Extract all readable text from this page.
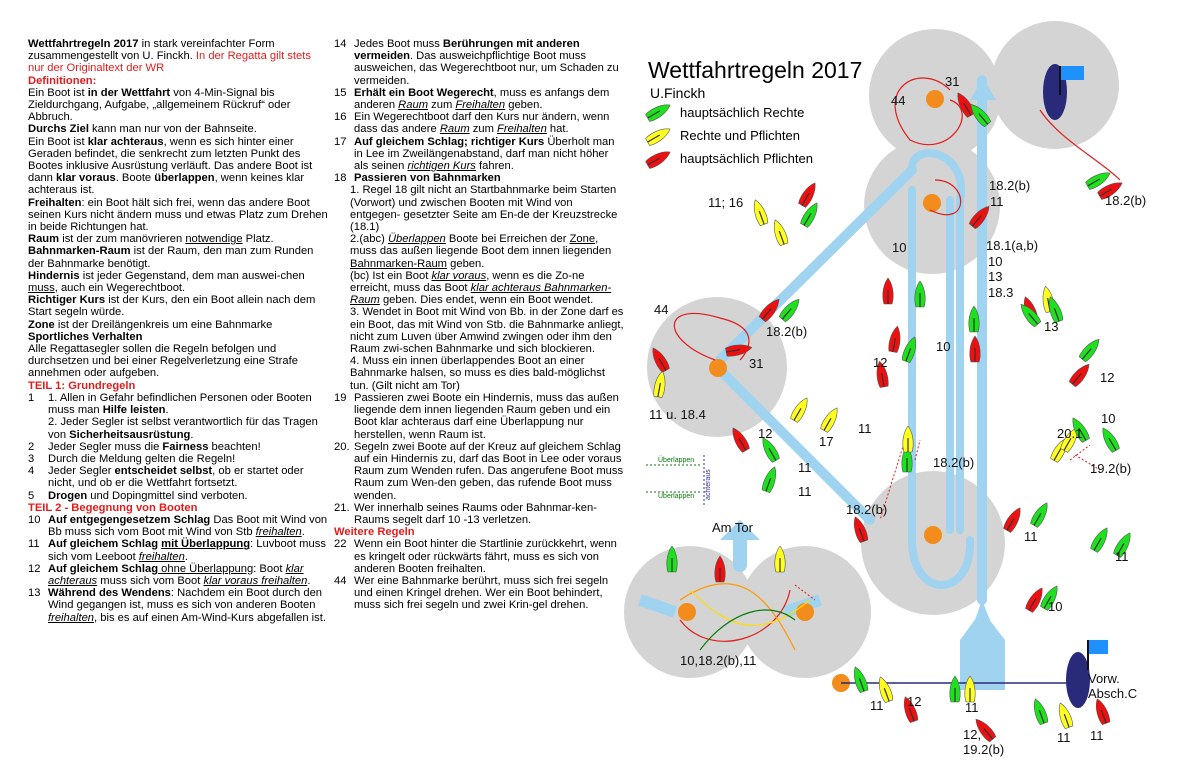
Wettfahrtregeln 2017 in stark vereinfachter Form zusammengestellt von U. Finckh. In der Regatta gilt stets nur der Originaltext der WR

Definitionen:

Ein Boot ist in der Wettfahrt von 4-Min-Signal bis Zieldurchgang, Aufgabe, „allgemeinem Rückruf“ oder Abbruch.

Durchs Ziel kann man nur von der Bahnseite.

Ein Boot ist klar achteraus, wenn es sich hinter einer Geraden befindet, die senkrecht zum letzten Punkt des Bootes inklusive Ausrüstung verläuft. Das andere Boot ist dann klar voraus. Boote überlappen, wenn keines klar achteraus ist.

Freihalten: ein Boot hält sich frei, wenn das andere Boot seinen Kurs nicht ändern muss und etwas Platz zum Drehen in beide Richtungen hat.

Raum ist der zum manövrieren notwendige Platz.

Bahnmarken-Raum ist der Raum, den man zum Runden der Bahnmarke benötigt.

Hindernis ist jeder Gegenstand, dem man auswei-chen muss, auch ein Wegerechtboot.

Richtiger Kurs ist der Kurs, den ein Boot allein nach dem Start segeln würde.

Zone ist der Dreilängenkreis um eine Bahnmarke

Sportliches Verhalten

Alle Regattasegler sollen die Regeln befolgen und durchsetzen und bei einer Regelverletzung eine Strafe annehmen oder aufgeben.

TEIL 1: Grundregeln

1	1. Allen in Gefahr befindlichen Personen oder Booten muss man Hilfe leisten.
2. Jeder Segler ist selbst verantwortlich für das Tragen von Sicherheitsausrüstung.
2	Jeder Segler muss die Fairness beachten!
3	Durch die Meldung gelten die Regeln!
4	Jeder Segler entscheidet selbst, ob er startet oder nicht, und ob er die Wettfahrt fortsetzt.
5	Drogen und Dopingmittel sind verboten.

TEIL 2 - Begegnung von Booten

10 Auf entgegengesetzem Schlag Das Boot mit Wind von Bb muss sich vom Boot mit Wind von Stb freihalten.
11 Auf gleichem Schlag mit Überlappung: Luvboot muss sich vom Leeboot freihalten.
12 Auf gleichem Schlag ohne Überlappung: Boot klar achteraus muss sich vom Boot klar voraus freihalten.
13 Während des Wendens: Nachdem ein Boot durch den Wind gegangen ist, muss es sich von anderen Booten freihalten, bis es auf einen Am-Wind-Kurs abgefallen ist.
14 Jedes Boot muss Berührungen mit anderen vermeiden. Das ausweichpflichtige Boot muss ausweichen, das Wegerechtboot nur, um Schaden zu vermeiden.
15 Erhält ein Boot Wegerecht, muss es anfangs dem anderen Raum zum Freihalten geben.
16 Ein Wegerechtboot darf den Kurs nur ändern, wenn dass das andere Raum zum Freihalten hat.
17 Auf gleichem Schlag; richtiger Kurs Überholt man in Lee im Zweilängenabstand, darf man nicht höher als seinen richtigen Kurs fahren.
18 Passieren von Bahnmarken
1. Regel 18 gilt nicht an Startbahnmarke beim Starten (Vorwort) und zwischen Booten mit Wind von entgegen- gesetzter Seite am En-de der Kreuzstrecke (18.1)
2.(abc) Überlappen Boote bei Erreichen der Zone, muss das außen liegende Boot dem innen liegenden Bahnmarken-Raum geben.
(bc) Ist ein Boot klar voraus, wenn es die Zo-ne erreicht, muss das Boot klar achteraus Bahnmarken-Raum geben. Dies endet, wenn ein Boot wendet.
3. Wendet in Boot mit Wind von Bb. in der Zone darf es ein Boot, das mit Wind von Stb. die Bahnmarke anliegt, nicht zum Luven über Amwind zwingen oder ihm den Raum zwi-schen Bahnmarke und sich blockieren.
4. Muss ein innen überlappendes Boot an einer Bahnmarke halsen, so muss es dies bald-möglichst tun. (Gilt nicht am Tor)
19 Passieren zwei Boote ein Hindernis, muss das außen liegende dem innen liegenden Raum geben und ein Boot klar achteraus darf eine Überlappung nur herstellen, wenn Raum ist.
20. Segeln zwei Boote auf der Kreuz auf gleichem Schlag auf ein Hindernis zu, darf das Boot in Lee oder voraus Raum zum Wenden rufen. Das angerufene Boot muss Raum zum Wen-den geben, das rufende Boot muss wenden.
21. Wer innerhalb seines Raums oder Bahnmar-ken-Raums segelt darf 10 -13 verletzen.

Weitere Regeln

22 Wenn ein Boot hinter die Startlinie zurückkehrt, wenn es kringelt oder rückwärts fährt, muss es sich von anderen Booten freihalten.
44 Wer eine Bahnmarke berührt, muss sich frei segeln und einen Kringel drehen. Wer ein Boot behindert, muss sich frei segeln und zwei Krin-gel drehen.
Wettfahrtregeln 2017
U.Finckh
hauptsächlich Rechte
Rechte und Pflichten
hauptsächlich Pflichten
Überlappen
Überlappen achteraus
31
44
18.2(b)
18.2(b)
11
11; 16
18.1(a,b)
10
10
13
18.3
13
44
18.2(b)
31	12
10
12
11 u. 18.4
12
17
11
11
11
20.1
10
19.2(b)
18.2(b)
18.2(b)
11
11
10
Am Tor
10,18.2(b),11
Vorw.
Absch.C
11 12	11
12,
19.2(b)
11 11
